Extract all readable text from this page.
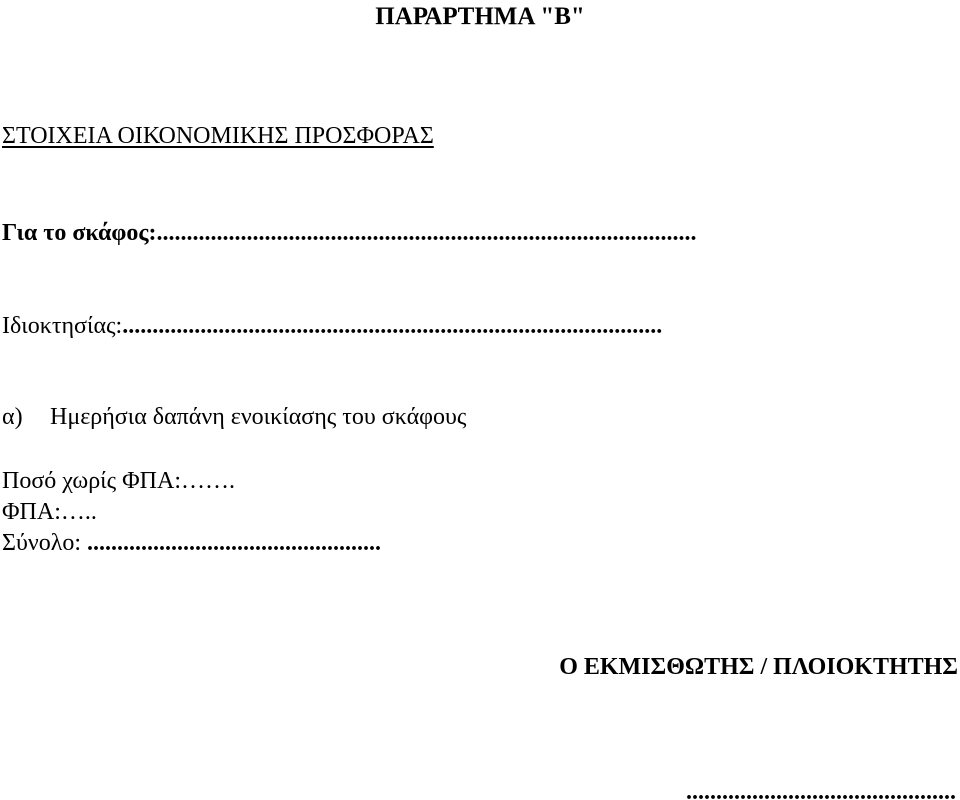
ΠΑΡΑΡΤΗΜΑ "Β"
ΣΤΟΙΧΕΙΑ ΟΙΚΟΝΟΜΙΚΗΣ ΠΡΟΣΦΟΡΑΣ
Για το σκάφος:..........................................................................................
Ιδιοκτησίας:..........................................................................................
α) Ημερήσια δαπάνη ενοικίασης του σκάφους
Ποσό χωρίς ΦΠΑ:…….
ΦΠΑ:…..
Σύνολο: .................................................
Ο ΕΚΜΙΣΘΩΤΗΣ / ΠΛΟΙΟΚΤΗΤΗΣ
.............................................
